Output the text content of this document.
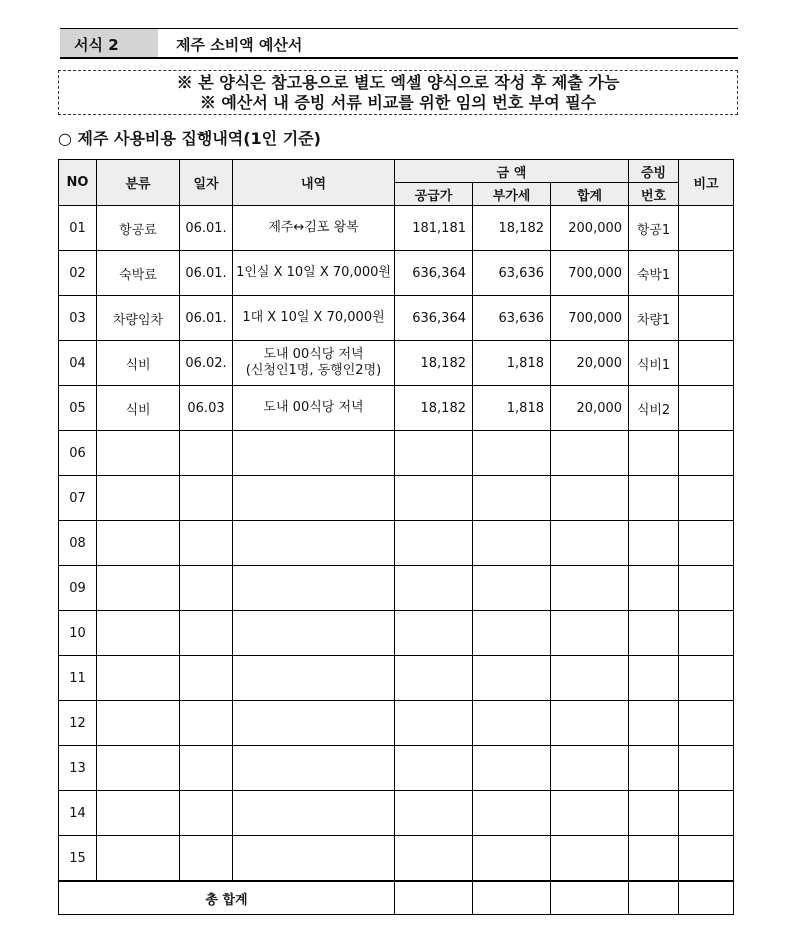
서식 2	제주 소비액 예산서
※ 본 양식은 참고용으로 별도 엑셀 양식으로 작성 후 제출 가능
※ 예산서 내 증빙 서류 비교를 위한 임의 번호 부여 필수
○ 제주 사용비용 집행내역(1인 기준)
NO	분류	일자	내역	금 액			증빙	비고
				공급가	부가세	합계	번호	
01	항공료	06.01.	제주↔김포 왕복	181,181	18,182	200,000	항공1	
02	숙박료	06.01.	1인실 X 10일 X 70,000원	636,364	63,636	700,000	숙박1	
03	차량임차	06.01.	1대 X 10일 X 70,000원	636,364	63,636	700,000	차량1	
04	식비	06.02.	도내 00식당 저녁
(신청인1명, 동행인2명)	18,182	1,818	20,000	식비1	
05	식비	06.03	도내 00식당 저녁	18,182	1,818	20,000	식비2	
06								
07								
08								
09								
10								
11								
12								
13								
14								
15								
총 합계								
